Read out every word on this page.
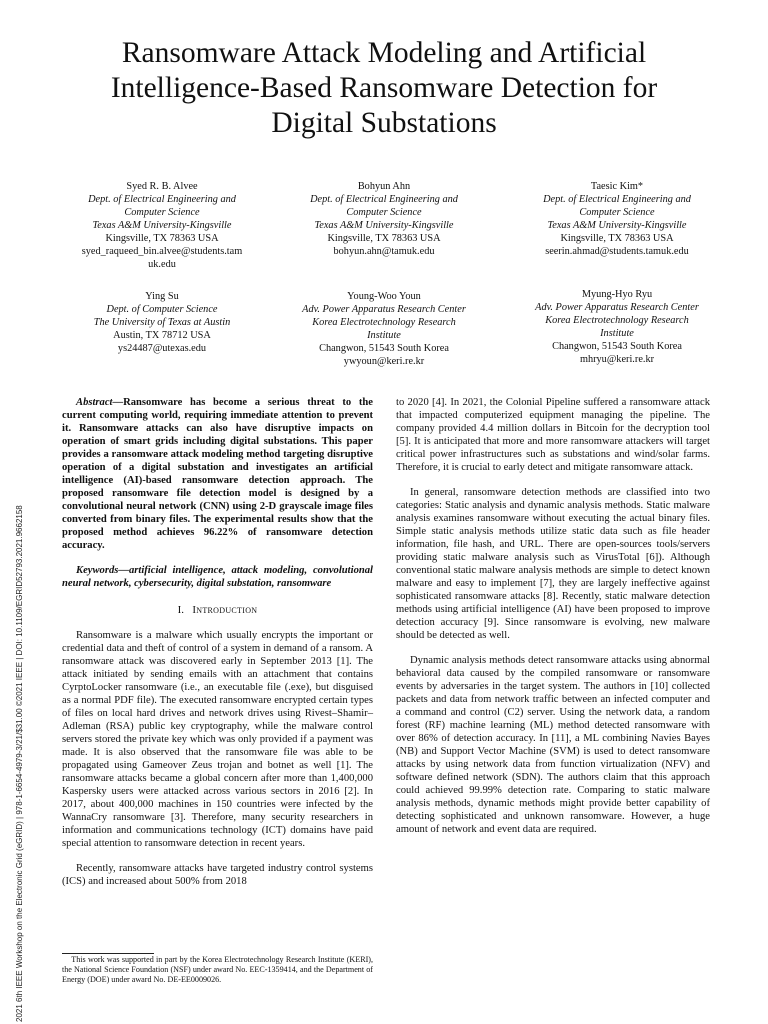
Ransomware Attack Modeling and Artificial
Intelligence-Based Ransomware Detection for
Digital Substations
Syed R. B. Alvee
Dept. of Electrical Engineering and
Computer Science
Texas A&M University-Kingsville
Kingsville, TX 78363 USA
syed_raqueed_bin.alvee@students.tam
uk.edu
Bohyun Ahn
Dept. of Electrical Engineering and
Computer Science
Texas A&M University-Kingsville
Kingsville, TX 78363 USA
bohyun.ahn@tamuk.edu
Taesic Kim*
Dept. of Electrical Engineering and
Computer Science
Texas A&M University-Kingsville
Kingsville, TX 78363 USA
seerin.ahmad@students.tamuk.edu
Ying Su
Dept. of Computer Science
The University of Texas at Austin
Austin, TX 78712 USA
ys24487@utexas.edu
Young-Woo Youn
Adv. Power Apparatus Research Center
Korea Electrotechnology Research
Institute
Changwon, 51543 South Korea
ywyoun@keri.re.kr
Myung-Hyo Ryu
Adv. Power Apparatus Research Center
Korea Electrotechnology Research
Institute
Changwon, 51543 South Korea
mhryu@keri.re.kr
2021 6th IEEE Workshop on the Electronic Grid (eGRID) | 978-1-6654-4979-3/21/$31.00 ©2021 IEEE | DOI: 10.1109/EGRID52793.2021.9662158

Abstract—Ransomware has become a serious threat to the current computing world, requiring immediate attention to prevent it. Ransomware attacks can also have disruptive impacts on operation of smart grids including digital substations. This paper provides a ransomware attack modeling method targeting disruptive operation of a digital substation and investigates an artificial intelligence (AI)-based ransomware detection approach. The proposed ransomware file detection model is designed by a convolutional neural network (CNN) using 2-D grayscale image files converted from binary files. The experimental results show that the proposed method achieves 96.22% of ransomware detection accuracy.

Keywords—artificial intelligence, attack modeling, convolutional neural network, cybersecurity, digital substation, ransomware

I. Introduction

Ransomware is a malware which usually encrypts the important or credential data and theft of control of a system in demand of a ransom. A ransomware attack was discovered early in September 2013 [1]. The attack initiated by sending emails with an attachment that contains CyrptoLocker ransomware (i.e., an executable file (.exe), but disguised as a normal PDF file). The executed ransomware encrypted certain types of files on local hard drives and network drives using Rivest–Shamir–Adleman (RSA) public key cryptography, while the malware control servers stored the private key which was only provided if a payment was made. It is also observed that the ransomware file was able to be propagated using Gameover Zeus trojan and botnet as well [1]. The ransomware attacks became a global concern after more than 1,400,000 Kaspersky users were attacked across various sectors in 2016 [2]. In 2017, about 400,000 machines in 150 countries were infected by the WannaCry ransomware [3]. Therefore, many security researchers in information and communications technology (ICT) domains have paid special attention to ransomware detection in recent years.

Recently, ransomware attacks have targeted industry control systems (ICS) and increased about 500% from 2018

to 2020 [4]. In 2021, the Colonial Pipeline suffered a ransomware attack that impacted computerized equipment managing the pipeline. The company provided 4.4 million dollars in Bitcoin for the decryption tool [5]. It is anticipated that more and more ransomware attackers will target critical power infrastructures such as substations and wind/solar farms. Therefore, it is crucial to early detect and mitigate ransomware attack.

In general, ransomware detection methods are classified into two categories: Static analysis and dynamic analysis methods. Static malware analysis examines ransomware without executing the actual binary files. Simple static analysis methods utilize static data such as file header information, file hash, and URL. There are open-sources tools/servers providing static malware analysis such as VirusTotal [6]). Although conventional static malware analysis methods are simple to detect known malware and easy to implement [7], they are largely ineffective against sophisticated ransomware attacks [8]. Recently, static malware detection methods using artificial intelligence (AI) have been proposed to improve detection accuracy [9]. Since ransomware is evolving, new malware should be detected as well.

Dynamic analysis methods detect ransomware attacks using abnormal behavioral data caused by the compiled ransomware or ransomware events by adversaries in the target system. The authors in [10] collected packets and data from network traffic between an infected computer and a command and control (C2) server. Using the network data, a random forest (RF) machine learning (ML) method detected ransomware with over 86% of detection accuracy. In [11], a ML combining Navies Bayes (NB) and Support Vector Machine (SVM) is used to detect ransomware attacks by using network data from function virtualization (NFV) and software defined network (SDN). The authors claim that this approach could achieved 99.99% detection rate. Comparing to static malware analysis methods, dynamic methods might provide better capability of detecting sophisticated and unknown ransomware. However, a huge amount of network and event data are required.

This work was supported in part by the Korea Electrotechnology Research Institute (KERI), the National Science Foundation (NSF) under award No. EEC-1359414, and the Department of Energy (DOE) under award No. DE-EE0009026.
